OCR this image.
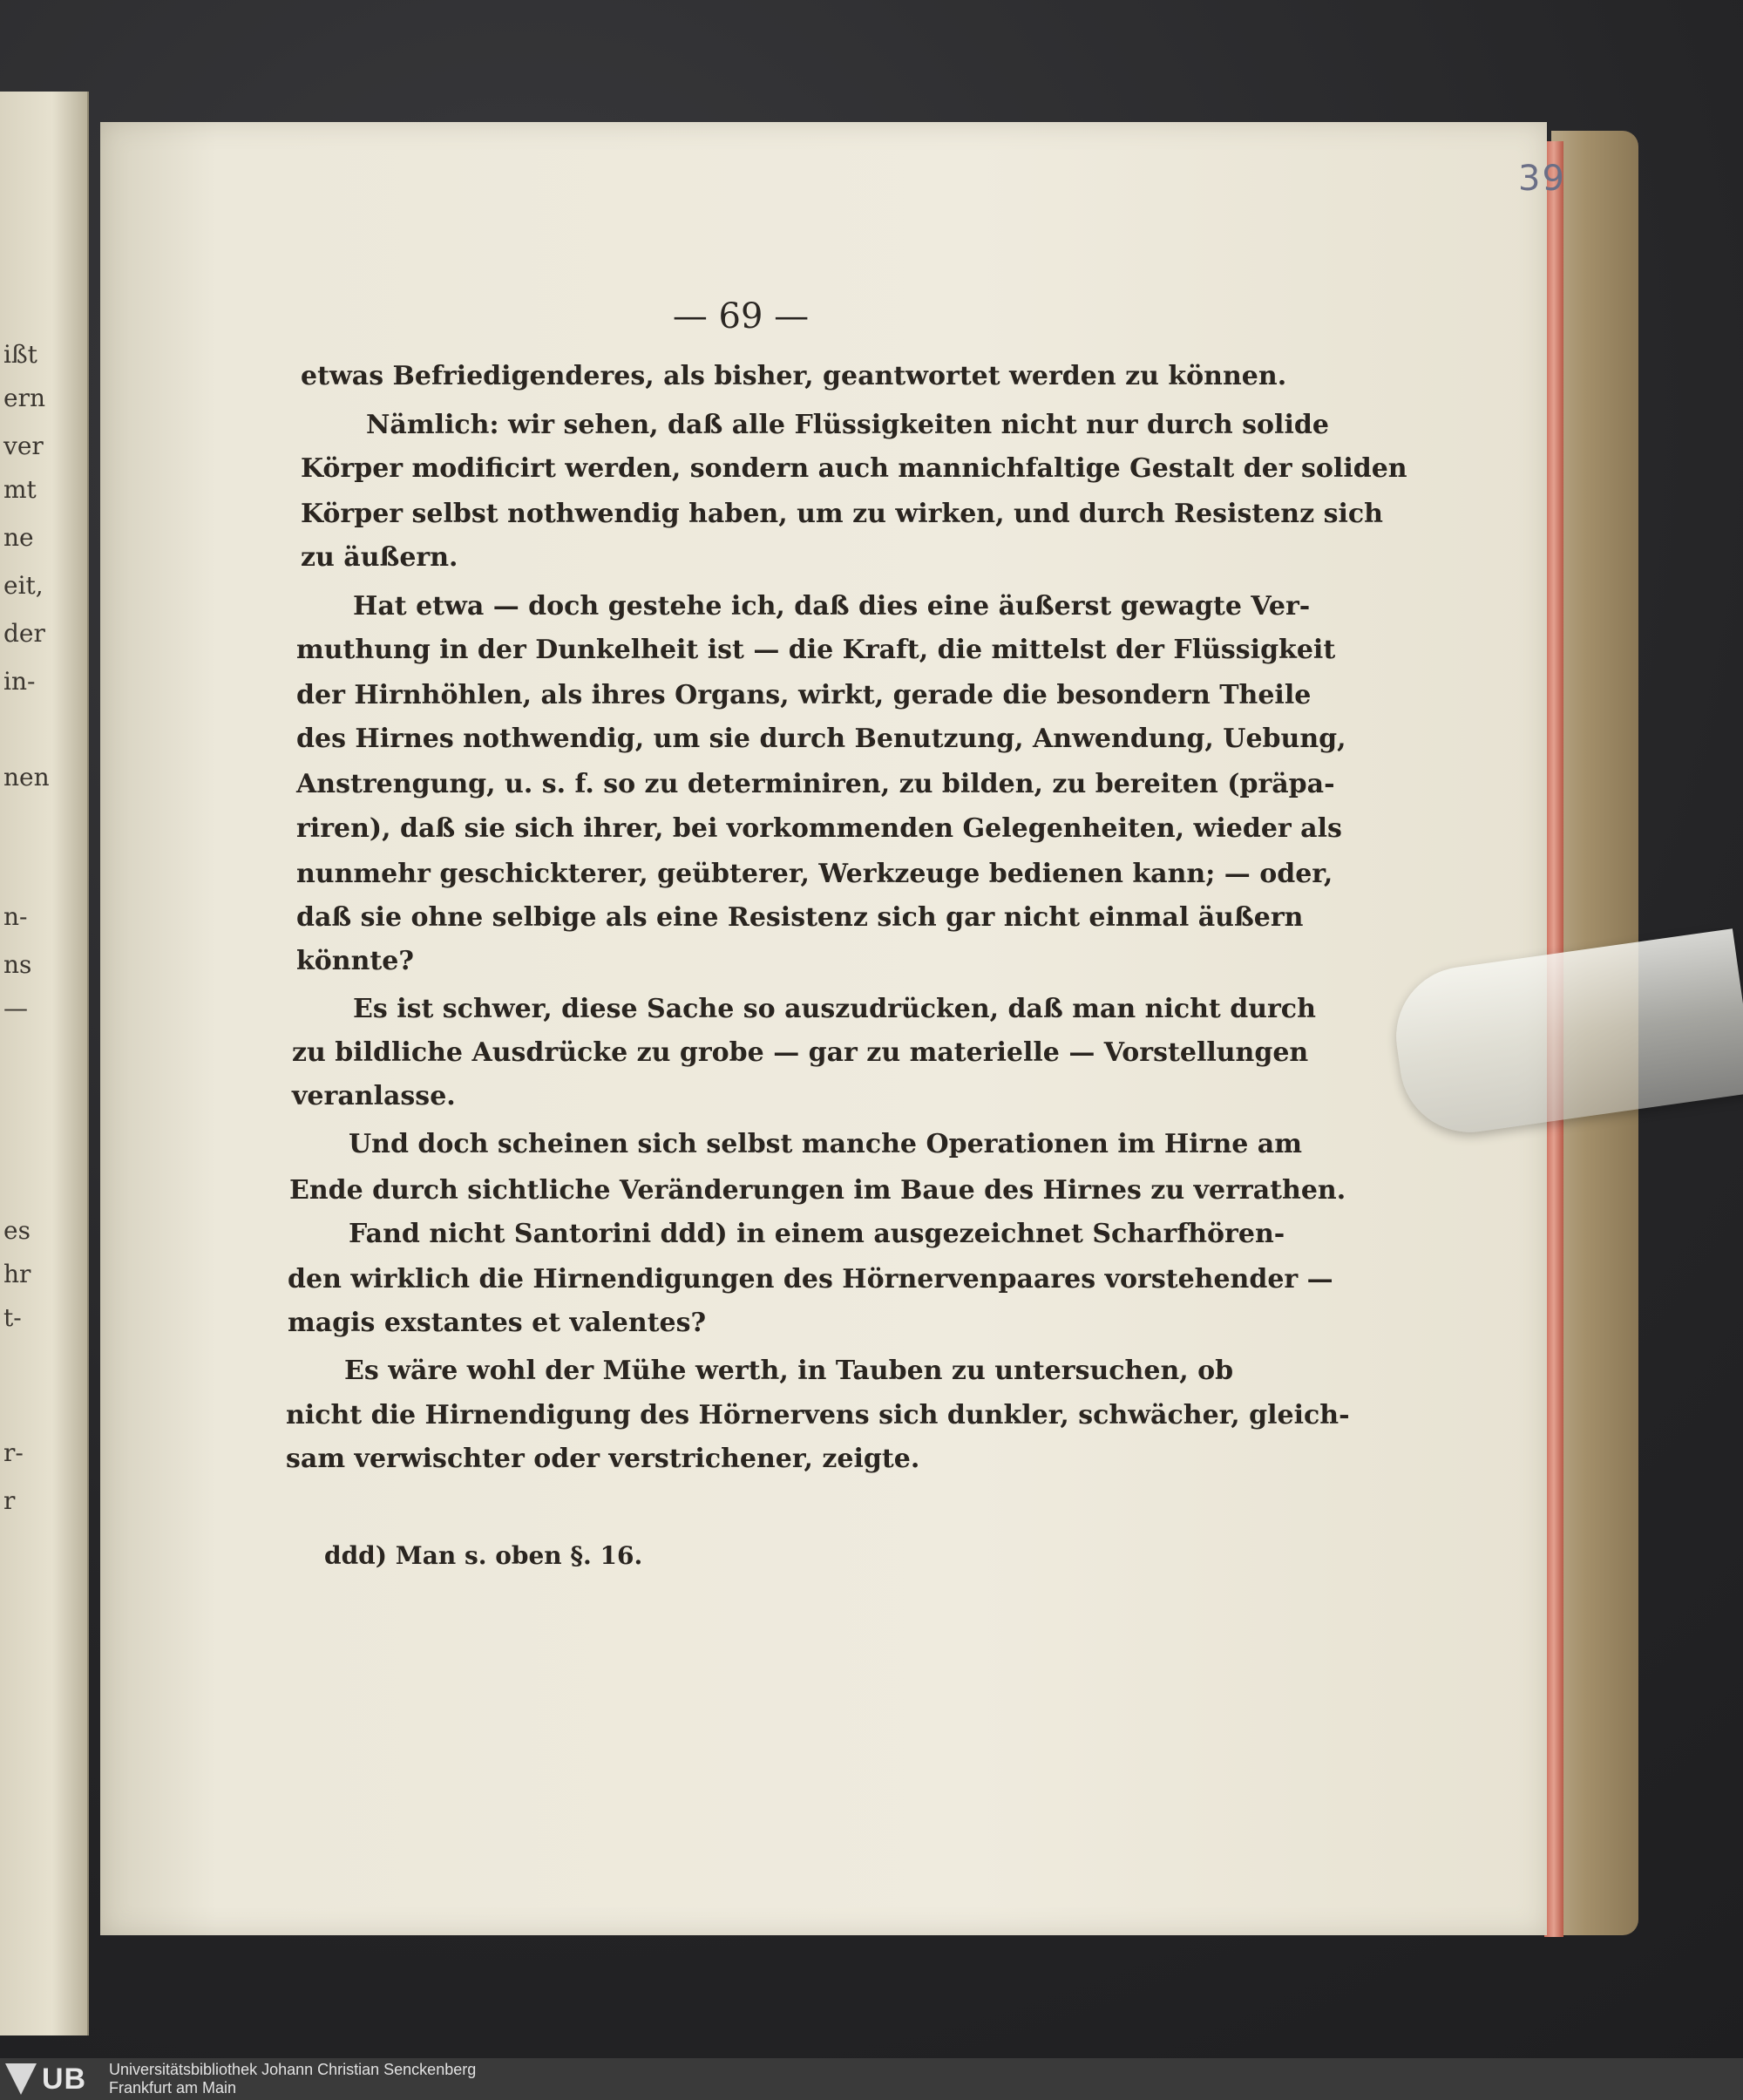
ißt
ern
ver
mt
ne
eit,
der
in-
nen
n-
ns
—
es
hr
t-
r-
r
39
— 69 —
etwas Befriedigenderes, als bisher, geantwortet werden zu können.
Nämlich: wir sehen, daß alle Flüssigkeiten nicht nur durch solide
Körper modificirt werden, sondern auch mannichfaltige Gestalt der soliden
Körper selbst nothwendig haben, um zu wirken, und durch Resistenz sich
zu äußern.
Hat etwa — doch gestehe ich, daß dies eine äußerst gewagte Ver-
muthung in der Dunkelheit ist — die Kraft, die mittelst der Flüssigkeit
der Hirnhöhlen, als ihres Organs, wirkt, gerade die besondern Theile
des Hirnes nothwendig, um sie durch Benutzung, Anwendung, Uebung,
Anstrengung, u. s. f. so zu determiniren, zu bilden, zu bereiten (präpa-
riren), daß sie sich ihrer, bei vorkommenden Gelegenheiten, wieder als
nunmehr geschickterer, geübterer, Werkzeuge bedienen kann; — oder,
daß sie ohne selbige als eine Resistenz sich gar nicht einmal äußern
könnte?
Es ist schwer, diese Sache so auszudrücken, daß man nicht durch
zu bildliche Ausdrücke zu grobe — gar zu materielle — Vorstellungen
veranlasse.
Und doch scheinen sich selbst manche Operationen im Hirne am
Ende durch sichtliche Veränderungen im Baue des Hirnes zu verrathen.
Fand nicht Santorini ddd) in einem ausgezeichnet Scharfhören-
den wirklich die Hirnendigungen des Hörnervenpaares vorstehender —
magis exstantes et valentes?
Es wäre wohl der Mühe werth, in Tauben zu untersuchen, ob
nicht die Hirnendigung des Hörnervens sich dunkler, schwächer, gleich-
sam verwischter oder verstrichener, zeigte.
ddd) Man s. oben §. 16.
UB Universitätsbibliothek Johann Christian Senckenberg
Frankfurt am Main
